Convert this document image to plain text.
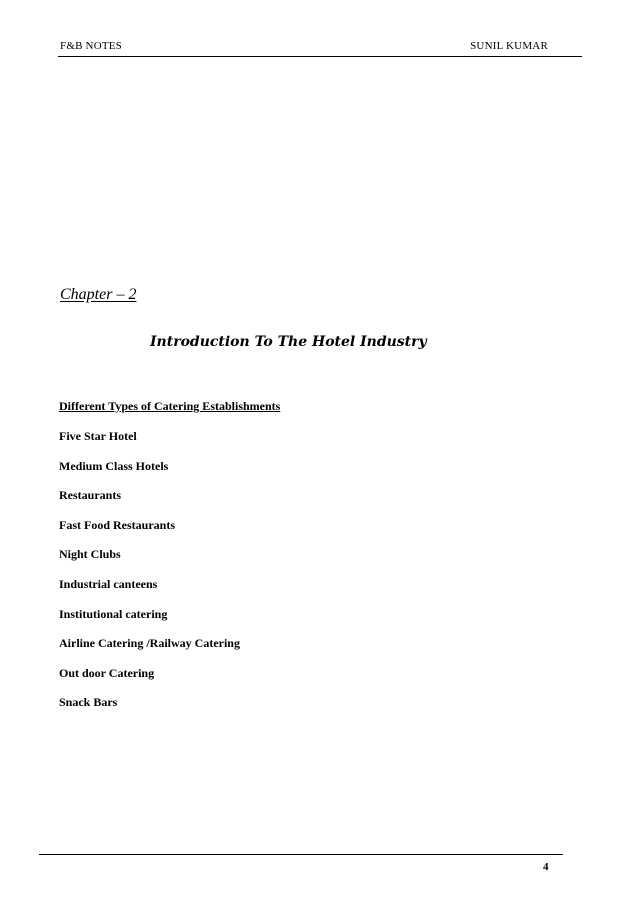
F&B NOTES	SUNIL KUMAR
Chapter – 2
Introduction To The Hotel Industry
Different Types of Catering Establishments
Five Star Hotel
Medium Class Hotels
Restaurants
Fast Food Restaurants
Night Clubs
Industrial canteens
Institutional catering
Airline Catering /Railway Catering
Out door Catering
Snack Bars
4
